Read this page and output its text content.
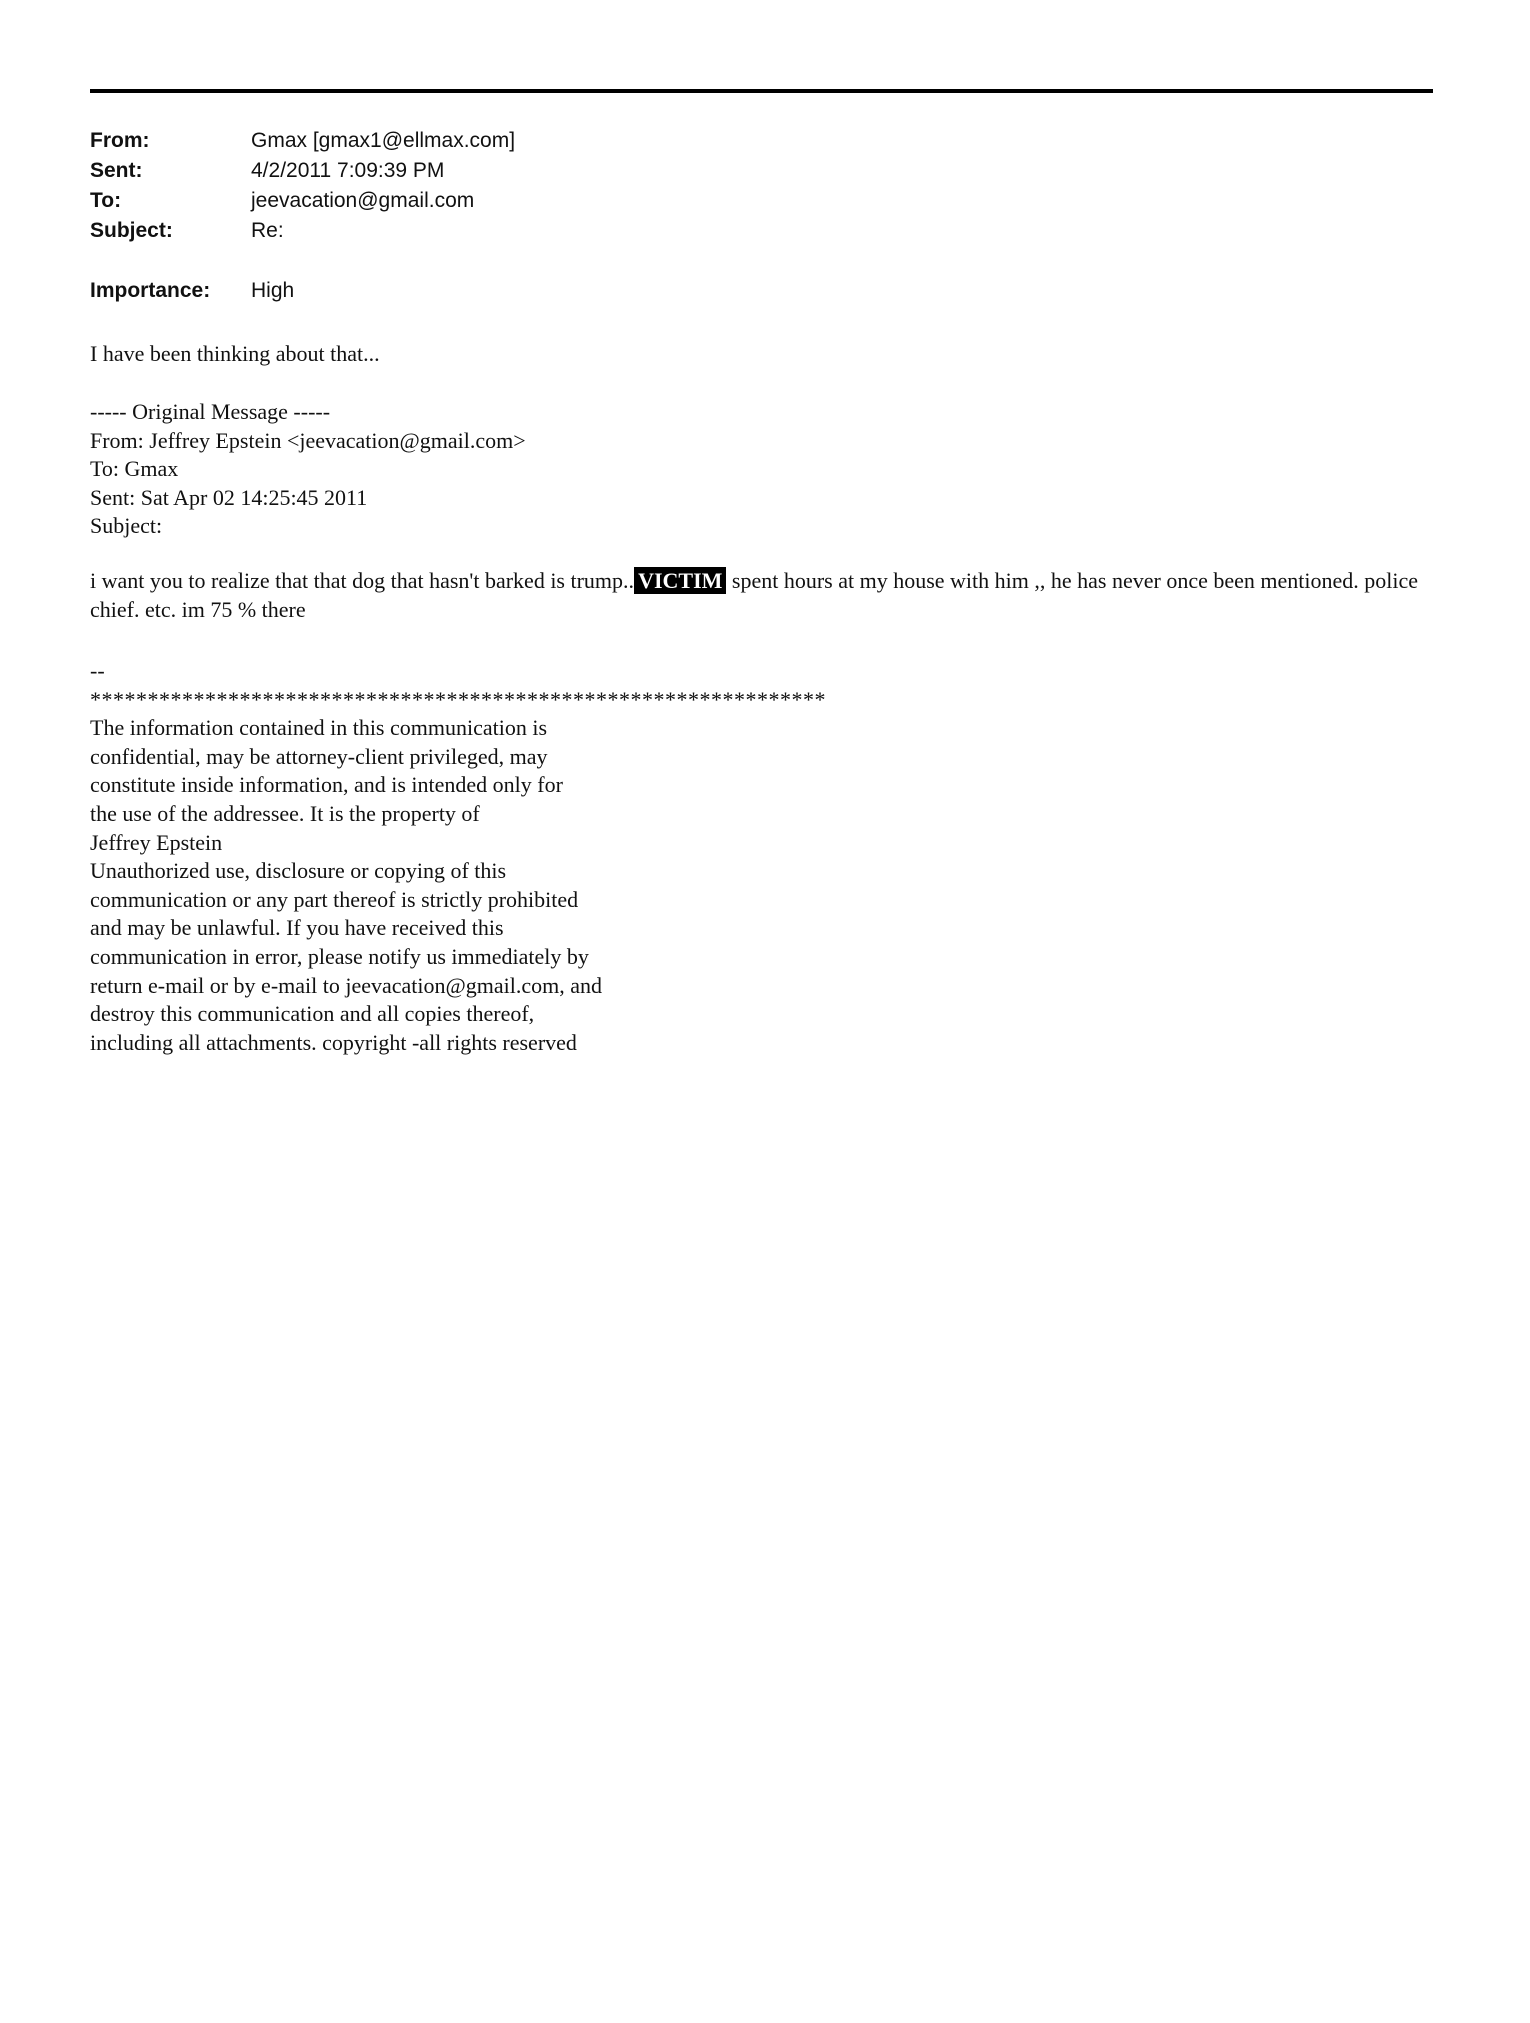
From:	Gmax [gmax1@ellmax.com]
Sent:	4/2/2011 7:09:39 PM
To:	jeevacation@gmail.com
Subject:	Re:
Importance:	High
I have been thinking about that...
----- Original Message -----
From: Jeffrey Epstein <jeevacation@gmail.com>
To: Gmax
Sent: Sat Apr 02 14:25:45 2011
Subject:
i want you to realize that that dog that hasn't barked is trump.. VICTIM spent hours at my house with him ,, he has never once been mentioned. police chief. etc. im 75 % there
--
****************************************************************
The information contained in this communication is
confidential, may be attorney-client privileged, may
constitute inside information, and is intended only for
the use of the addressee. It is the property of
Jeffrey Epstein
Unauthorized use, disclosure or copying of this
communication or any part thereof is strictly prohibited
and may be unlawful. If you have received this
communication in error, please notify us immediately by
return e-mail or by e-mail to jeevacation@gmail.com, and
destroy this communication and all copies thereof,
including all attachments. copyright -all rights reserved
